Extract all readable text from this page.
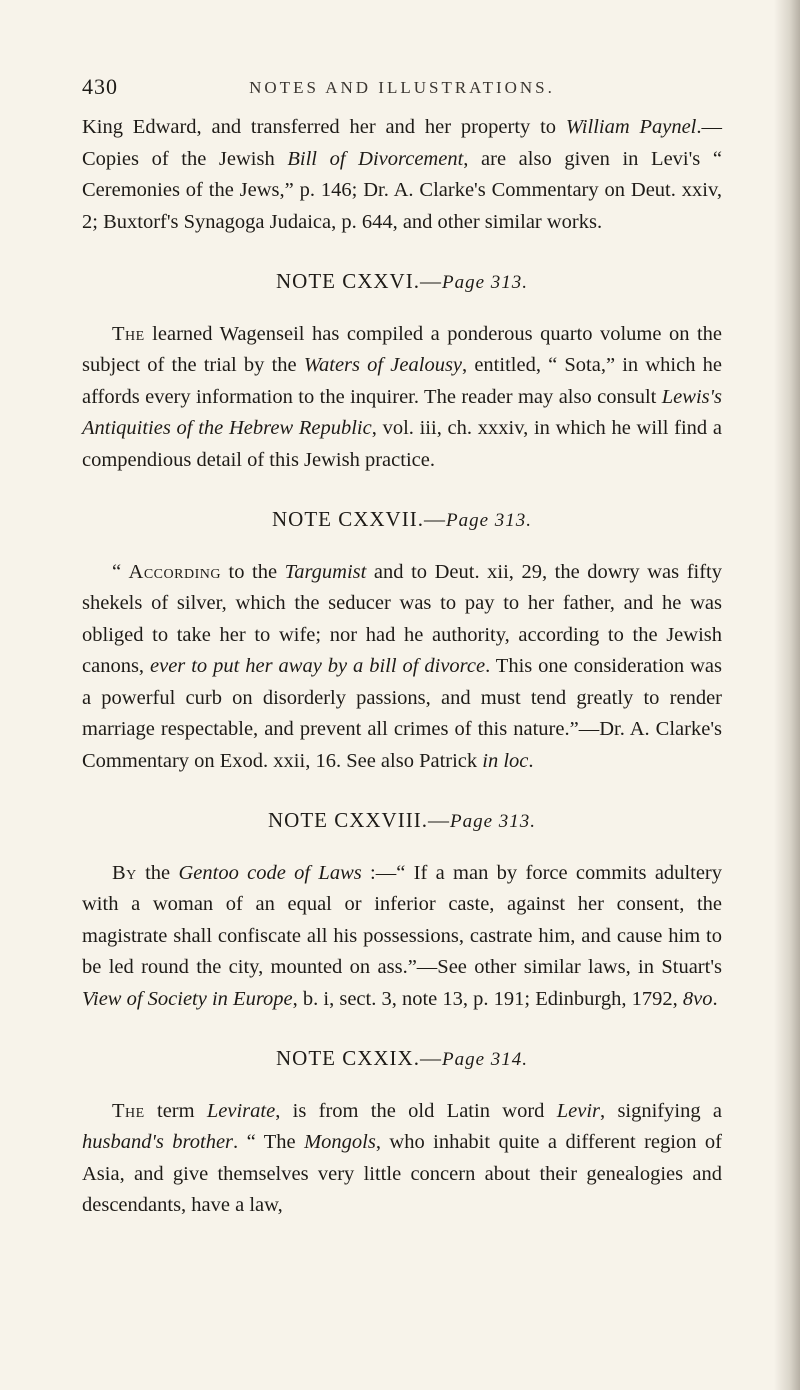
430	NOTES AND ILLUSTRATIONS.

King Edward, and transferred her and her property to William Paynel.—Copies of the Jewish Bill of Divorcement, are also given in Levi's “ Ceremonies of the Jews,” p. 146; Dr. A. Clarke's Commentary on Deut. xxiv, 2; Buxtorf's Synagoga Judaica, p. 644, and other similar works.

NOTE CXXVI.—Page 313.

The learned Wagenseil has compiled a ponderous quarto volume on the subject of the trial by the Waters of Jealousy, entitled, “ Sota,” in which he affords every information to the inquirer. The reader may also consult Lewis's Antiquities of the Hebrew Republic, vol. iii, ch. xxxiv, in which he will find a compendious detail of this Jewish practice.

NOTE CXXVII.—Page 313.

“ According to the Targumist and to Deut. xii, 29, the dowry was fifty shekels of silver, which the seducer was to pay to her father, and he was obliged to take her to wife; nor had he authority, according to the Jewish canons, ever to put her away by a bill of divorce. This one consideration was a powerful curb on disorderly passions, and must tend greatly to render marriage respectable, and prevent all crimes of this nature.”—Dr. A. Clarke's Commentary on Exod. xxii, 16. See also Patrick in loc.

NOTE CXXVIII.—Page 313.

By the Gentoo code of Laws :—“ If a man by force commits adultery with a woman of an equal or inferior caste, against her consent, the magistrate shall confiscate all his possessions, castrate him, and cause him to be led round the city, mounted on ass.”—See other similar laws, in Stuart's View of Society in Europe, b. i, sect. 3, note 13, p. 191; Edinburgh, 1792, 8vo.

NOTE CXXIX.—Page 314.

The term Levirate, is from the old Latin word Levir, signifying a husband's brother. “ The Mongols, who inhabit quite a different region of Asia, and give themselves very little concern about their genealogies and descendants, have a law,
